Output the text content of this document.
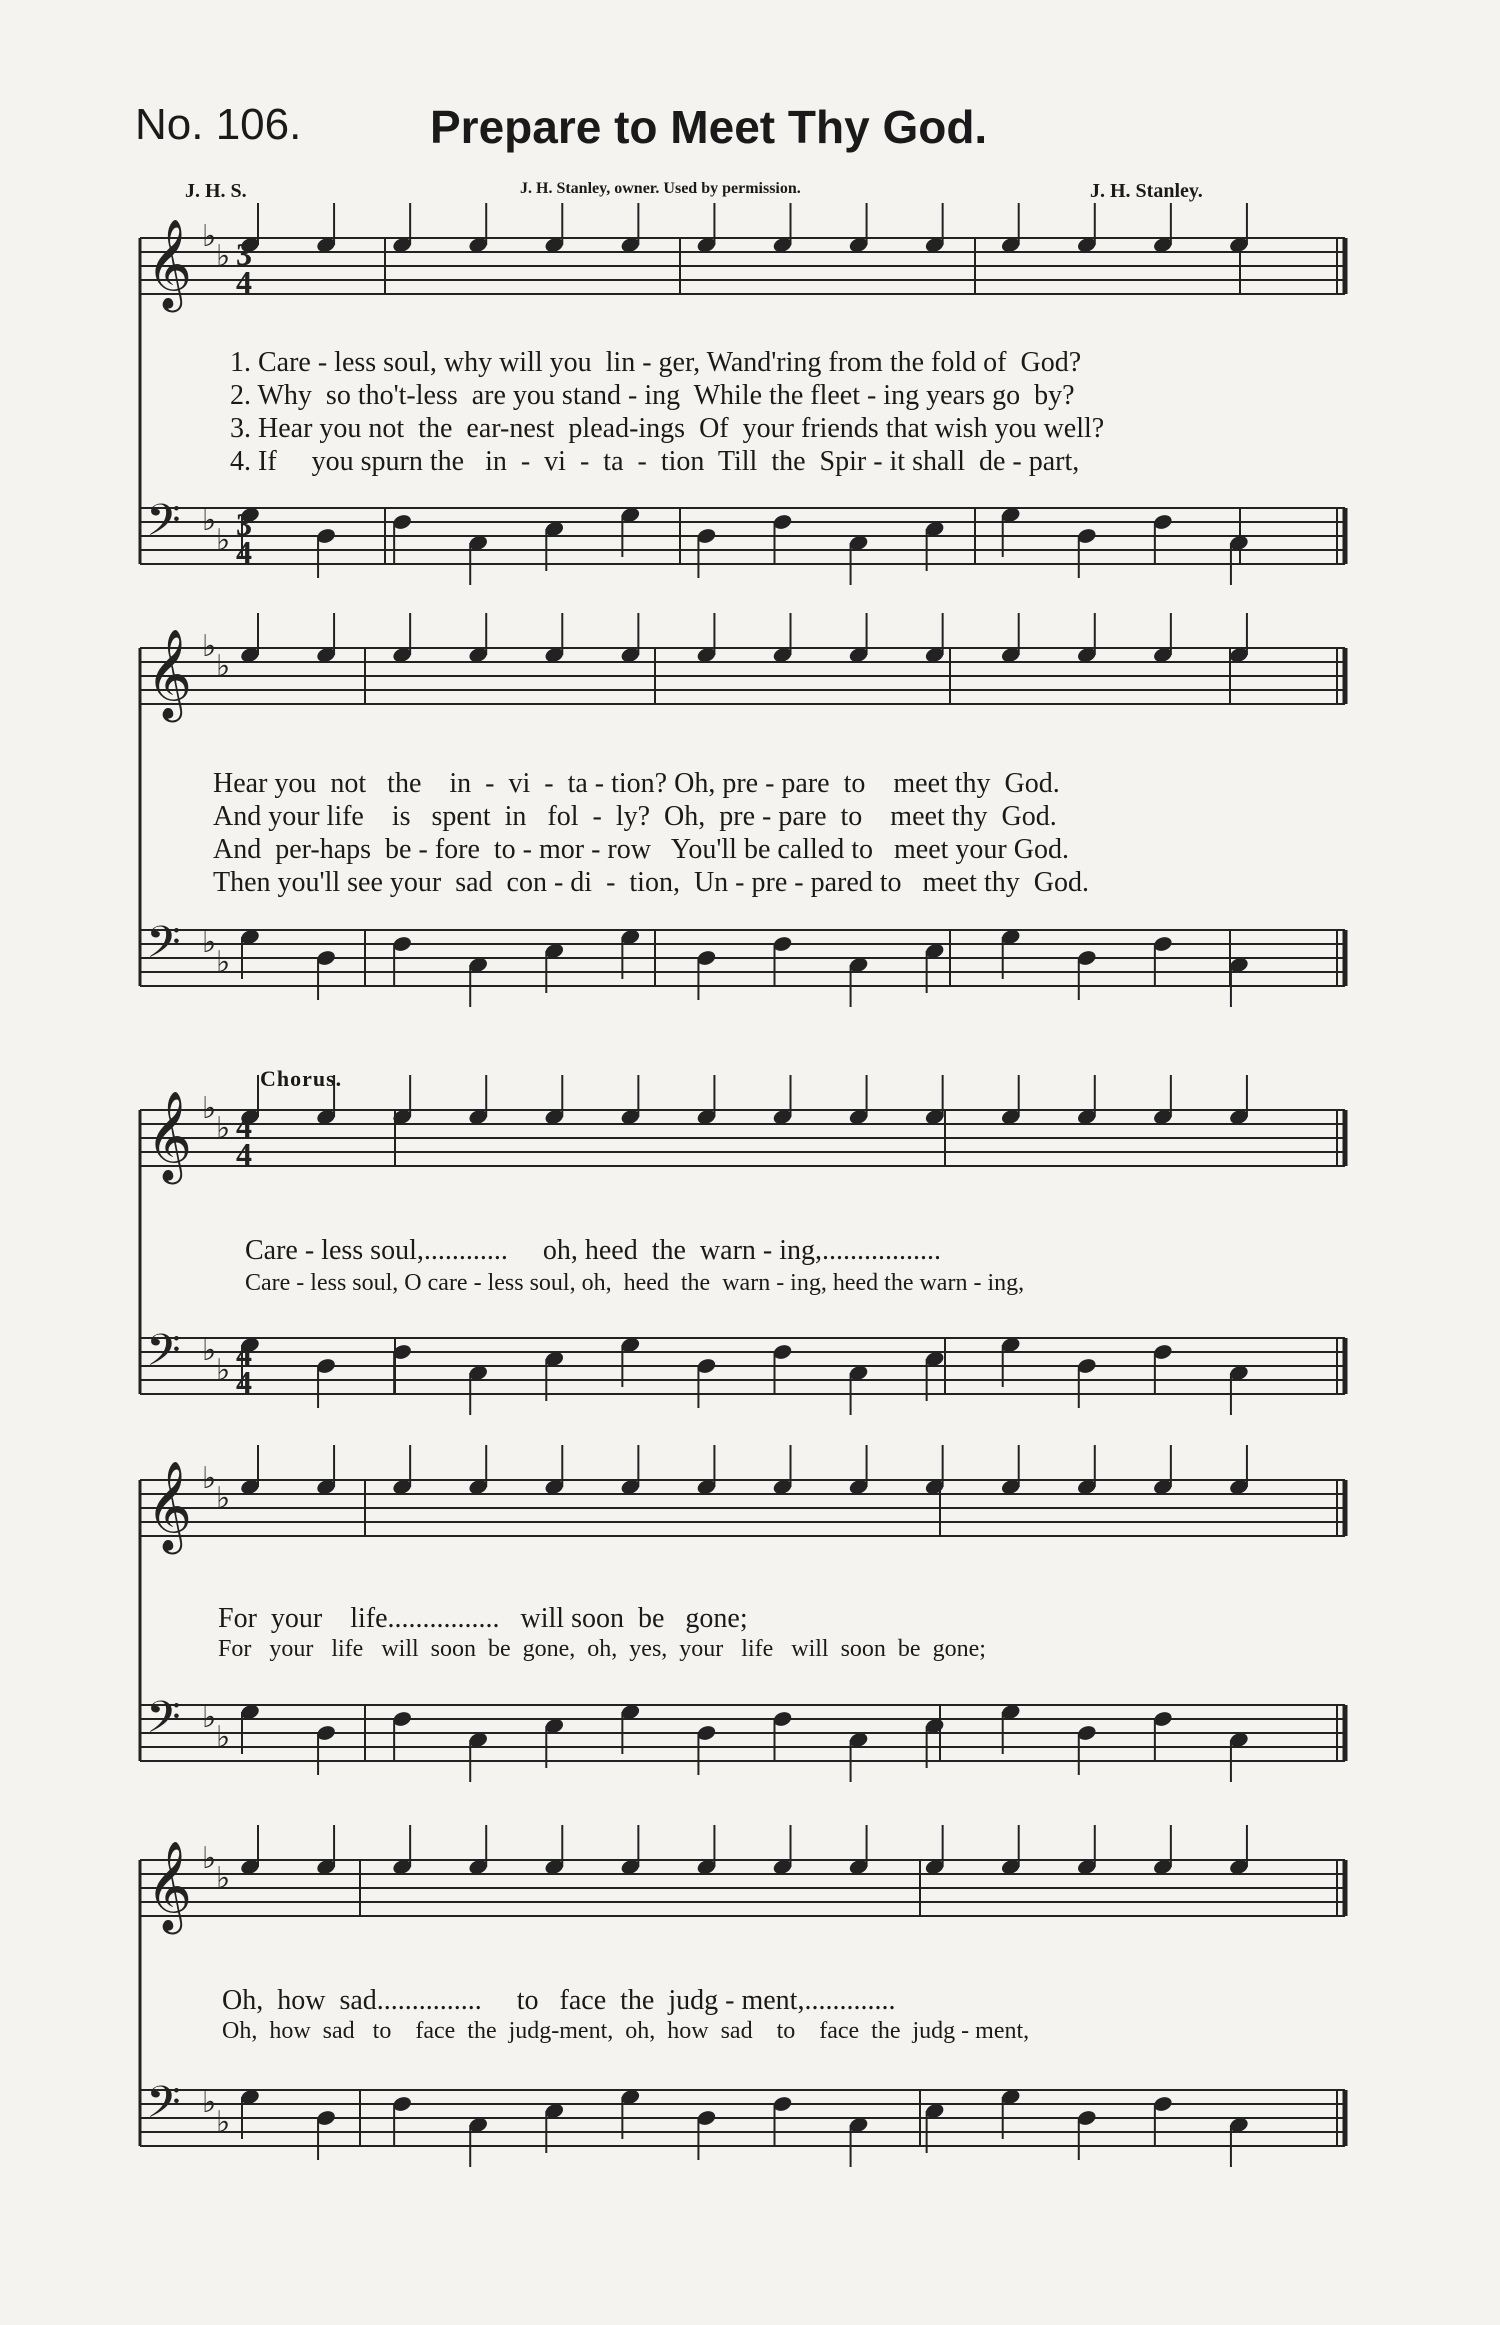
No. 106.	Prepare to Meet Thy God.
J. H. S.	J. H. Stanley, owner. Used by permission.	J. H. Stanley.
𝄞 ♭
♭
𝄢 ♭
♭
𝄞 ♭
♭
𝄢 ♭
♭
𝄞 ♭
♭
𝄢 ♭
♭
𝄞 ♭
♭
𝄢 ♭
♭
𝄞 ♭
♭
𝄢 ♭
♭
3
4
3
4
4
4
4
4
1. Care - less soul, why will you  lin - ger, Wand'ring from the fold of  God?
2. Why  so tho't-less  are you stand - ing  While the fleet - ing years go  by?
3. Hear you not  the  ear-nest  plead-ings  Of  your friends that wish you well?
4. If     you spurn the   in  -  vi  -  ta  -  tion  Till  the  Spir - it shall  de - part,
Hear you  not   the    in  -  vi  -  ta - tion? Oh, pre - pare  to    meet thy  God.
And your life    is   spent  in   fol  -  ly?  Oh,  pre - pare  to    meet thy  God.
And  per-haps  be - fore  to - mor - row   You'll be called to   meet your God.
Then you'll see your  sad  con - di  -  tion,  Un - pre - pared to   meet thy  God.
Chorus.
Care - less soul,............     oh, heed  the  warn - ing,.................
Care - less soul, O care - less soul, oh,  heed  the  warn - ing, heed the warn - ing,
For  your    life................   will soon  be   gone;
For   your   life   will  soon  be  gone,  oh,  yes,  your   life   will  soon  be  gone;
Oh,  how  sad...............     to   face  the  judg - ment,.............
Oh,  how  sad   to    face  the  judg-ment,  oh,  how  sad    to    face  the  judg - ment,
